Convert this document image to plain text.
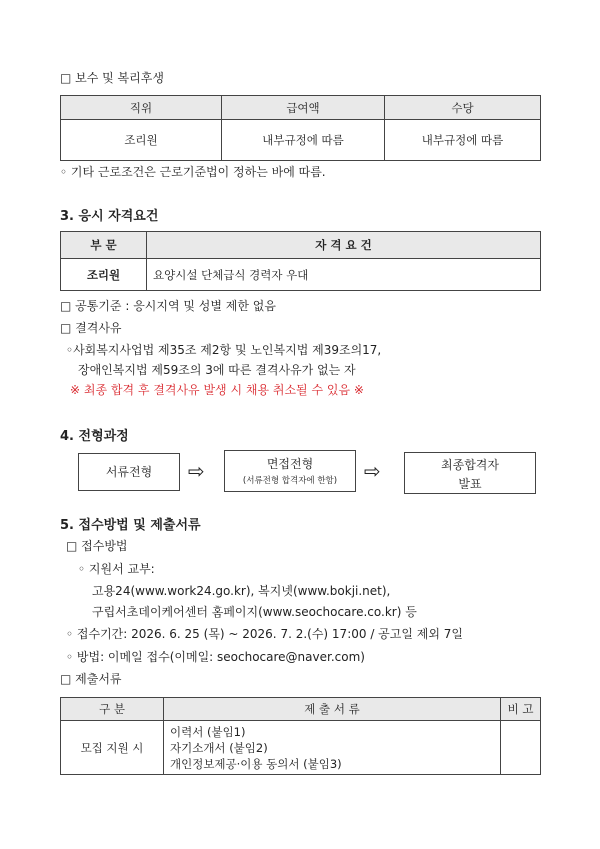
□ 보수 및 복리후생
직위	급여액	수당
조리원	내부규정에 따름	내부규정에 따름
◦ 기타 근로조건은 근로기준법이 정하는 바에 따름.
3. 응시 자격요건
부 문	자 격 요 건
조리원	요양시설 단체급식 경력자 우대
□ 공통기준 : 응시지역 및 성별 제한 없음
□ 결격사유
◦사회복지사업법 제35조 제2항 및 노인복지법 제39조의17,
장애인복지법 제59조의 3에 따른 결격사유가 없는 자
※ 최종 합격 후 결격사유 발생 시 채용 취소될 수 있음 ※
4. 전형과정
서류전형	⇨	면접전형
(서류전형 합격자에 한함)	⇨	최종합격자
발표
5. 접수방법 및 제출서류
□ 접수방법
◦ 지원서 교부:
고용24(www.work24.go.kr), 복지넷(www.bokji.net),
구립서초데이케어센터 홈페이지(www.seochocare.co.kr) 등
◦ 접수기간: 2026. 6. 25 (목) ~ 2026. 7. 2.(수) 17:00 / 공고일 제외 7일
◦ 방법: 이메일 접수(이메일: seochocare@naver.com)
□ 제출서류
구 분	제 출 서 류	비 고
모집 지원 시	이력서 (붙임1)
자기소개서 (붙임2)
개인정보제공·이용 동의서 (붙임3)	
